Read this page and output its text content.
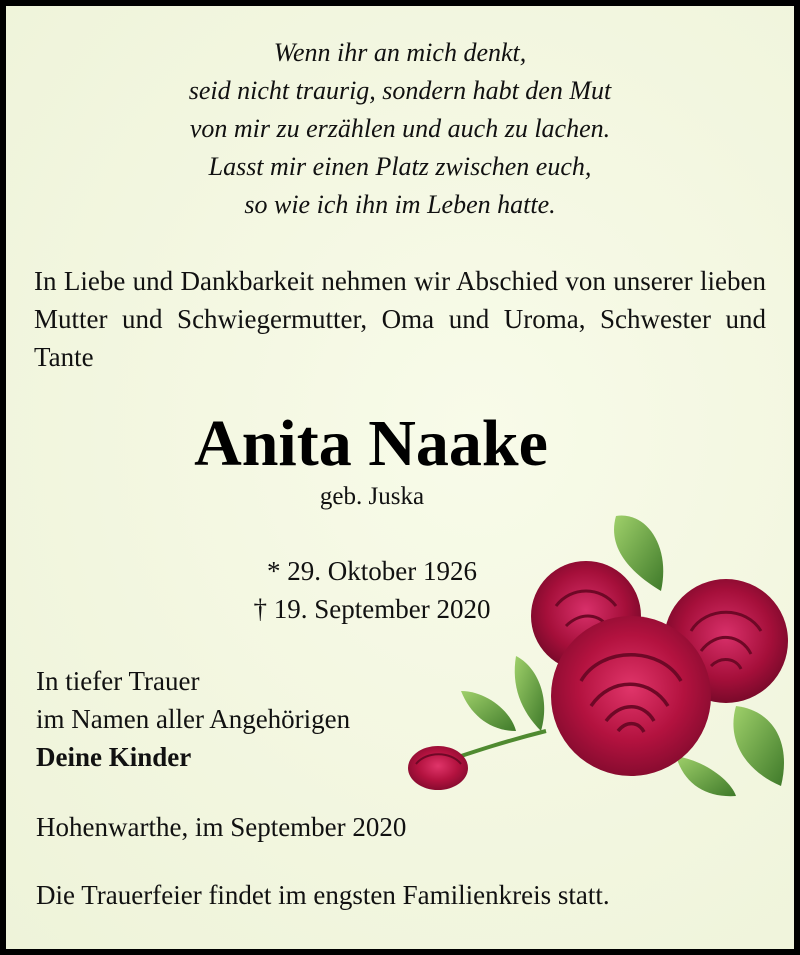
Wenn ihr an mich denkt,
seid nicht traurig, sondern habt den Mut
von mir zu erzählen und auch zu lachen.
Lasst mir einen Platz zwischen euch,
so wie ich ihn im Leben hatte.
In Liebe und Dankbarkeit nehmen wir Abschied von unserer lieben Mutter und Schwiegermutter, Oma und Uroma, Schwester und Tante
Anita Naake
geb. Juska
* 29. Oktober 1926
† 19. September 2020
In tiefer Trauer
im Namen aller Angehörigen
Deine Kinder
Hohenwarthe, im September 2020
Die Trauerfeier findet im engsten Familienkreis statt.
